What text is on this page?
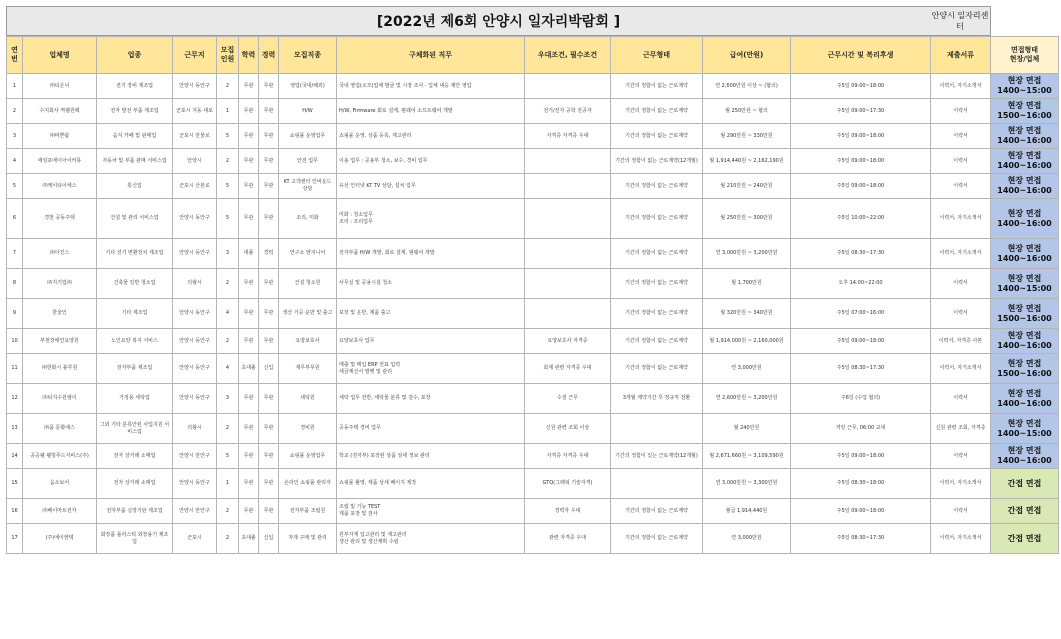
[2022년 제6회 안양시 일자리박람회 ]	안양시 일자리센터
연
번	업체명	업종	근무지	모집
인원	학력	경력	모집직종	구체화된 직무	우대조건, 필수조건	근무형태	급여(만원)	근무시간 및 복리후생	제출서류	면접형태
현장/업체
1	㈜티온닉	전기 장비 제조업	안양시 동안구	2	무관	무관	영업(국내/해외)	국내 영업(소모)업체 발굴 및 시장 조사 · 업체 대응 제안 영업		기간의 정함이 없는 근로계약	연 2,600만원 이상 ~ (협의)	주5일 09:00~18:00	이력서, 자기소개서	현장 면접
1400~15:00
2	수지회사 역웰원팩	전자 발전 부품 제조업	군포시 지동 대로	1	무관	무관	H/W	H/W, Firmware 회로 설계, 펌웨어 소프트웨어 개발	전기/전자 공학 전공자	기간의 정함이 없는 근로계약	월 250만원 ~ 협의	주5일 09:00~17:30	이력서	현장 면접
1500~16:00
3	㈜바쁜팜	음식 카페 및 판매업	군포시 만물로	5	무관	무관	쇼핑몰 운영업무	쇼핑몰 운영, 상품 등록, 재고관리	자격증 자격증 우대	기간의 정함이 없는 근로계약	월 290만원 ~ 330만원	주5일 09:00~18:00	이력서	현장 면접
1400~16:00
4	에임포에이아이커뮤	자동차 및 부품 판매 서비스업	안양시	2	무관	무관	안전 업무	이용 업무 : 공용부 청소, 보수, 경비 업무		기간의 정함이 없는 근로계약(12개월)	월 1,914,440원 ~ 2,162,190원	주5일 09:00~18:00	이력서	현장 면접
1400~16:00
5	㈜케이티이에스	통신업	군포시 산본로	5	무관	무관	KT 고객센터 인바운드 상담	유선 인터넷 KT TV 상담, 설치 업무		기간의 정함이 없는 근로계약	월 210만원 ~ 240만원	주5일 09:00~18:00	이력서	현장 면접
1400~16:00
6	경천 공동주택	건설 및 관리 서비스업	안양시 동안구	5	무관	무관	조리, 미화	미화 : 청소업무
조리 : 조리업무		기간의 정함이 없는 근로계약	월 250만원 ~ 300만원	주5일 10:00~22:00	이력서, 자기소개서	현장 면접
1400~16:00
7	㈜아진스	기타 전기 변환장치 제조업	안양시 동안구	3	대졸	경력	연구소 엔지니어	전자부품 H/W 개발, 회로 설계, 펌웨어 개발		기간의 정함이 없는 근로계약	연 3,000만원 ~ 3,200만원	주5일 08:30~17:30	이력서, 자기소개서	현장 면접
1400~16:00
8	㈜지기업㈜	건축물 일반 청소업	의왕시	2	무관	무관	건설 청소원	사무실 및 공용시설 청소		기간의 정함이 없는 근로계약	월 1,700만원	오후 14:00~22:00	이력서	현장 면접
1400~15:00
9	한울인	기타 제조업	안양시 동안구	4	무관	무관	생산 가공 운반 및 출고	포장 및 운반, 제품 출고		기간의 정함이 없는 근로계약	월 320만원 ~ 340만원	주5일 07:00~16:00	이력서	현장 면접
1500~16:00
10	부천장애인요양원	노인요양 복지 서비스	안양시 동안구	2	무관	무관	요양보호사	요양보호사 업무	요양보호사 자격증	기간의 정함이 없는 근로계약	월 1,914,000원 ~ 2,160,000원	주5일 09:00~18:00	이력서, 자격증 사본	현장 면접
1400~16:00
11	㈜한화시 블루원	전자부품 제조업	안양시 동안구	4	초대졸	신입	재무부무원	매출 및 매입 ERP 전표 입력
세금계산서 발행 및 관리	회계 관련 자격증 우대	기간의 정함이 없는 근로계약	연 3,000만원	주5일 08:30~17:30	이력서, 자기소개서	현장 면접
1500~16:00
12	㈜티지수원엠이	가정용 세탁업	안양시 동안구	3	무관	무관	세탁원	세탁 업무 전반, 세탁물 분류 및 검수, 포장	수질 근무	3개월 계약기간 후 정규직 전환	연 2,600만원 ~ 3,200만원	주6일 (수업 협의)	이력서	현장 면접
1400~16:00
13	㈜품 문화애스	그외 기타 분류안된 사업지원 서비스업	의왕시	2	무관	무관	경비원	공동주택 경비 업무	신원 관련 조회 이상		월 240만원	격일 근무, 06:00 교대	신원 관련 조회, 자격증	현장 면접
1400~15:00
14	공공웰 웰빙푸드서비스(주)	전자 상거래 소매업	안양시 만안구	5	무관	무관	쇼핑몰 운영업무	학교 (전자부) 포장된 상품 상세 정보 관리	자격증 자격증 우대	기간의 정함이 있는 근로계약(12개월)	월 2,671,660원 ~ 3,109,590원	주5일 09:00~18:00	이력서	현장 면접
1400~16:00
15	음소보어	전자 상거래 소매업	안양시 동안구	1	무관	무관	온라인 쇼핑몰 관리자	쇼핑몰 촬영, 제품 상세 페이지 제작	GTQ(그래픽 기술자격)		연 3,000만원 ~ 3,300만원	주5일 08:30~18:00	이력서, 자기소개서	간접 면접
16	㈜베이마트전자	전자부품 실장기판 제조업	안양시 만안구	2	무관	무관	전자부품 조립원	조립 및 기능 TEST
제품 포장 및 검사	경력자 우대	기간의 정함이 없는 근로계약	월급 1,914,440원	주5일 09:00~18:00	이력서	간접 면접
17	(주)에이엔텍	화장품 플라스틱 외장용기 제조업	군포시	2	초대졸	신입	자재 구매 및 관리	원부자재 입고관리 및 재고관리
생산 관리 및 생산계획 수립	관련 자격증 우대	기간의 정함이 없는 근로계약	연 3,000만원	주5일 08:30~17:30	이력서, 자기소개서	간접 면접
